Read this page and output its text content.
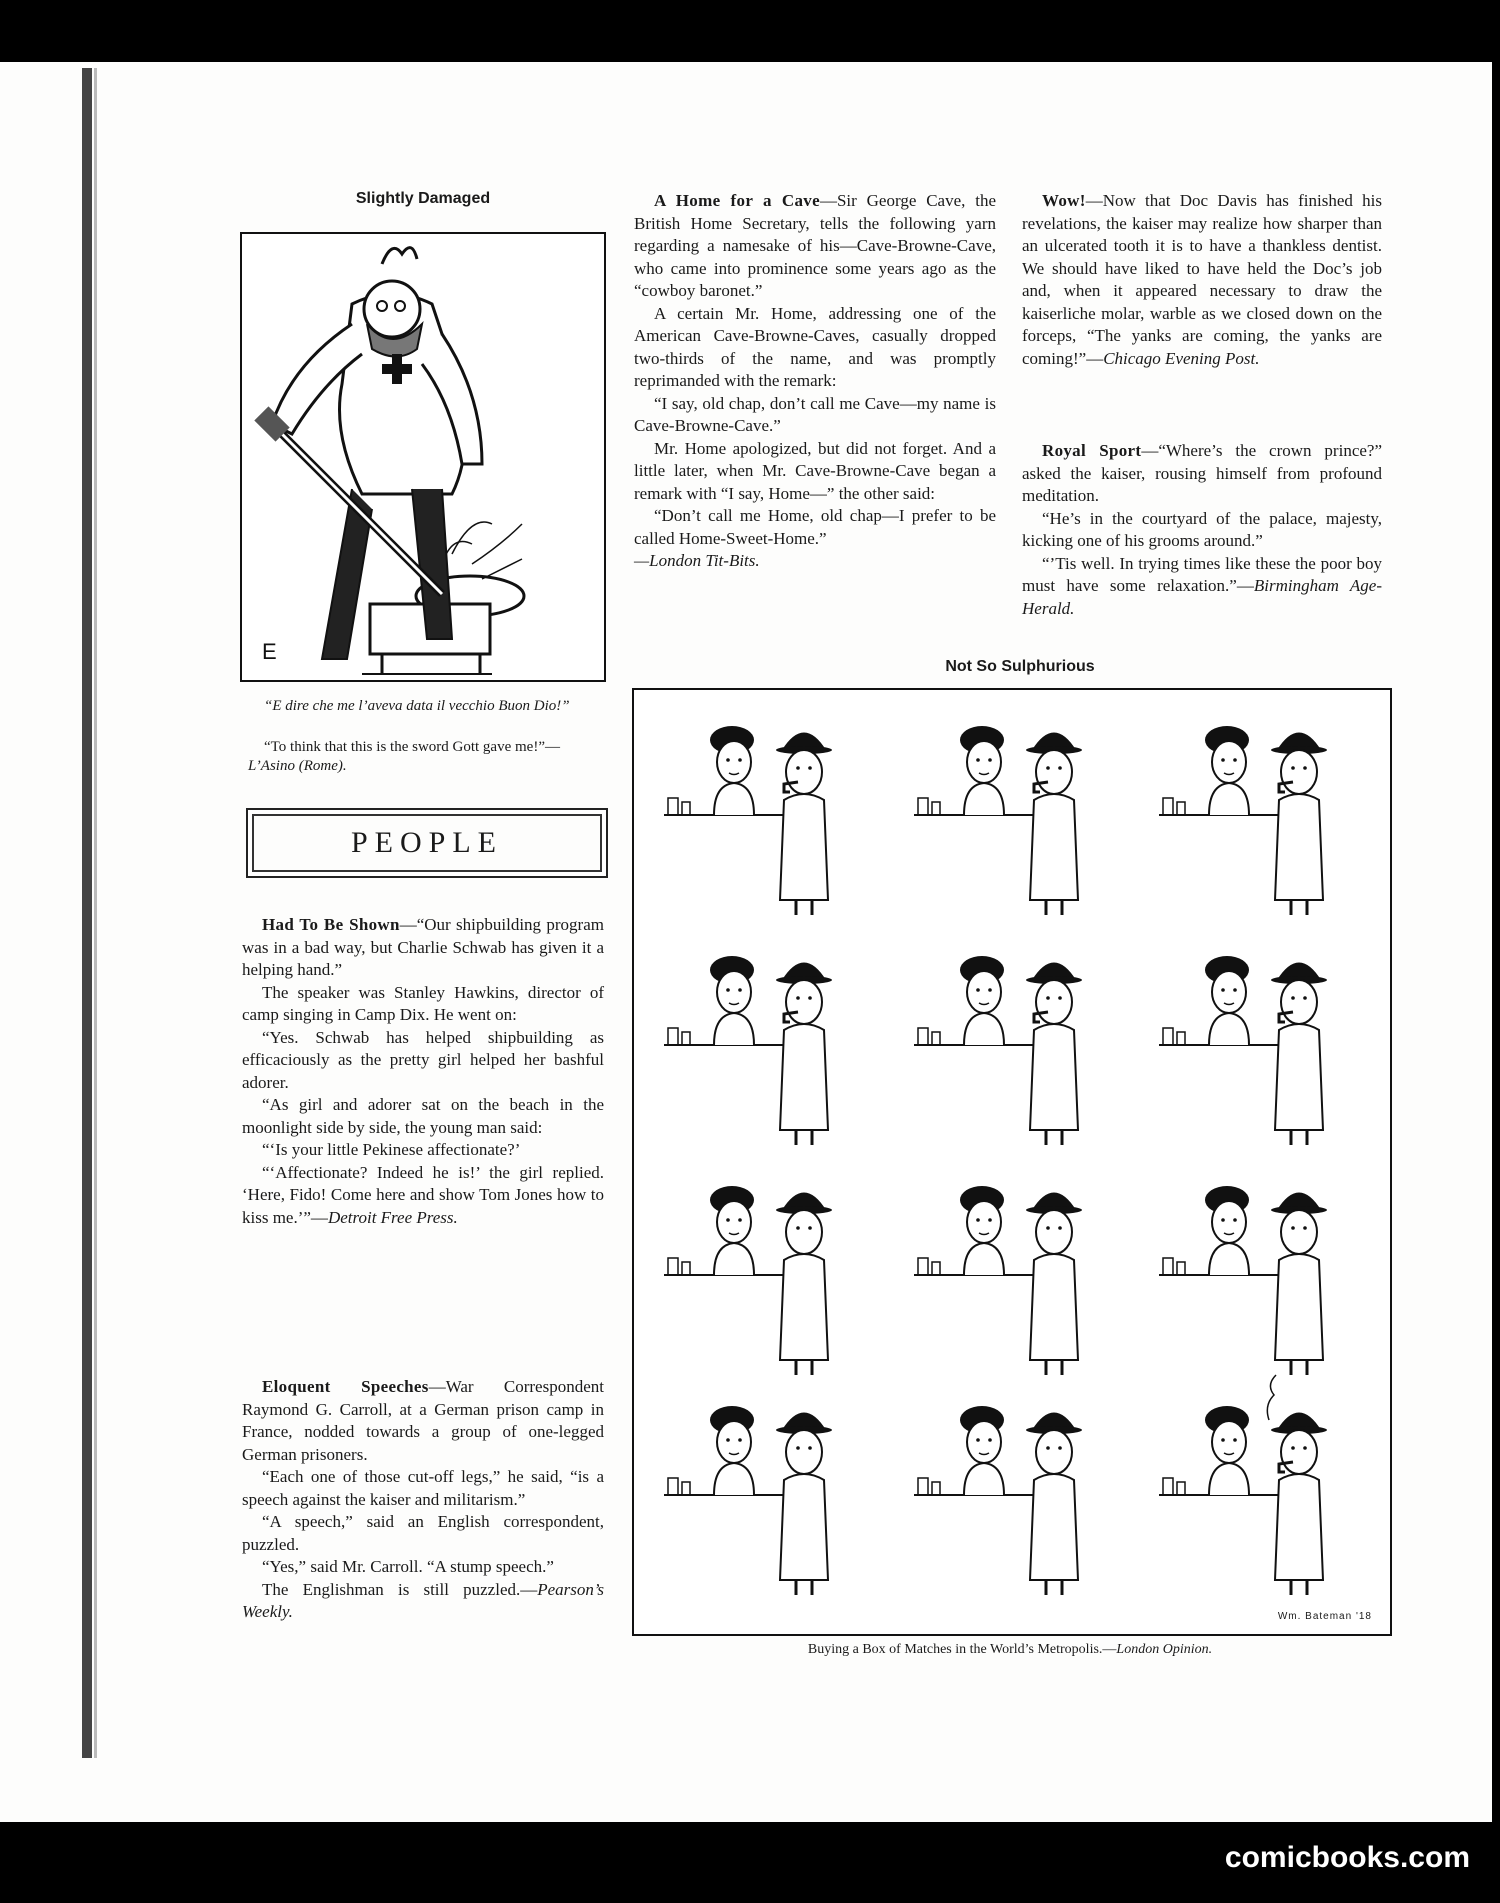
Slightly Damaged
E
“E dire che me l’aveva data il vecchio Buon Dio!”
“To think that this is the sword Gott gave me!”—L’Asino (Rome).
PEOPLE

Had To Be Shown—“Our shipbuilding program was in a bad way, but Charlie Schwab has given it a helping hand.”

The speaker was Stanley Hawkins, director of camp singing in Camp Dix. He went on:

“Yes. Schwab has helped shipbuilding as efficaciously as the pretty girl helped her bashful adorer.

“As girl and adorer sat on the beach in the moonlight side by side, the young man said:

“‘Is your little Pekinese affectionate?’

“‘Affectionate? Indeed he is!’ the girl replied. ‘Here, Fido! Come here and show Tom Jones how to kiss me.’”—Detroit Free Press.

Eloquent Speeches—War Correspondent Raymond G. Carroll, at a German prison camp in France, nodded towards a group of one-legged German prisoners.

“Each one of those cut-off legs,” he said, “is a speech against the kaiser and militarism.”

“A speech,” said an English correspondent, puzzled.

“Yes,” said Mr. Carroll. “A stump speech.”

The Englishman is still puzzled.—Pearson’s Weekly.

A Home for a Cave—Sir George Cave, the British Home Secretary, tells the following yarn regarding a namesake of his—Cave-Browne-Cave, who came into prominence some years ago as the “cowboy baronet.”

A certain Mr. Home, addressing one of the American Cave-Browne-Caves, casually dropped two-thirds of the name, and was promptly reprimanded with the remark:

“I say, old chap, don’t call me Cave—my name is Cave-Browne-Cave.”

Mr. Home apologized, but did not forget. And a little later, when Mr. Cave-Browne-Cave began a remark with “I say, Home—” the other said:

“Don’t call me Home, old chap—I prefer to be called Home-Sweet-Home.”

—London Tit-Bits.

Wow!—Now that Doc Davis has finished his revelations, the kaiser may realize how sharper than an ulcerated tooth it is to have a thankless dentist. We should have liked to have held the Doc’s job and, when it appeared necessary to draw the kaiserliche molar, warble as we closed down on the forceps, “The yanks are coming, the yanks are coming!”—Chicago Evening Post.

Royal Sport—“Where’s the crown prince?” asked the kaiser, rousing himself from profound meditation.

“He’s in the courtyard of the palace, majesty, kicking one of his grooms around.”

“’Tis well. In trying times like these the poor boy must have some relaxation.”—Birmingham Age-Herald.

Not So Sulphurious
Wm. Bateman '18
Buying a Box of Matches in the World’s Metropolis.—London Opinion.
comicbooks.com
